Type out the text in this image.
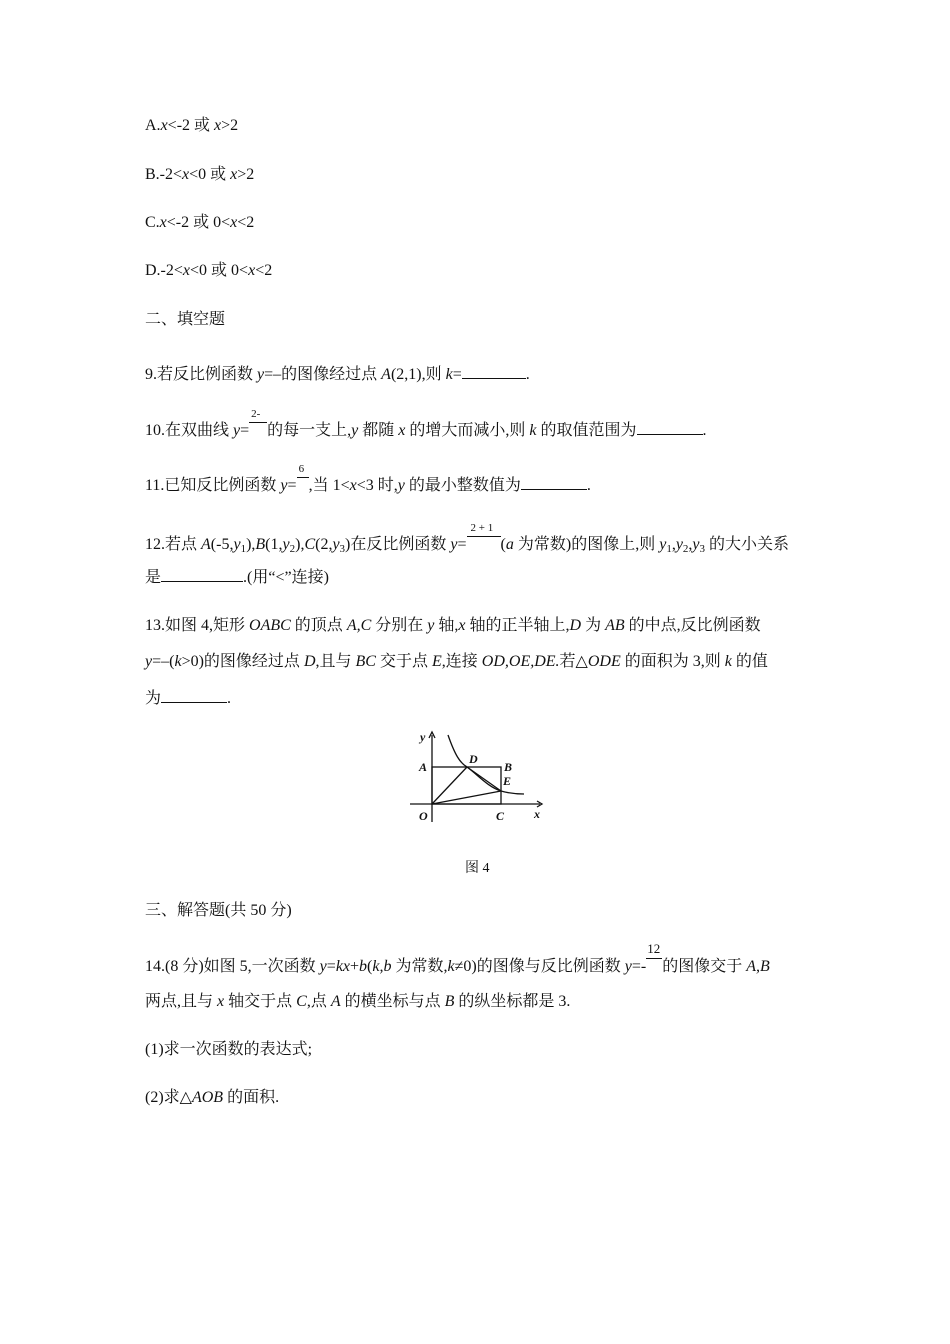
A.x<-2 或 x>2
B.-2<x<0 或 x>2
C.x<-2 或 0<x<2
D.-2<x<0 或 0<x<2
二、填空题
9.若反比例函数 y=–的图像经过点 A(2,1),则 k=	.
10.在双曲线 y=
2-
的每一支上,y 都随 x 的增大而减小,则 k 的取值范围为	.
11.已知反比例函数 y=
6
,当 1<x<3 时,y 的最小整数值为	.
12.若点 $A(-5,y_1),B(1,y_2),C(2,y_3)$在反比例函数 y=
2 + 1
(a 为常数)的图像上,则 $y_1,y_2,y_3$ 的大小关系
是	.(用“<”连接)
13.如图 4,矩形 OABC 的顶点 A,C 分别在 y 轴,x 轴的正半轴上,D 为 AB 的中点,反比例函数
y=–(k>0)的图像经过点 D,且与 BC 交于点 E,连接 OD,OE,DE.若△ODE 的面积为 3,则 k 的值
为	.
y
A
D
B
E
O	C x
图 4
三、解答题(共 50 分)
14.(8 分)如图 5,一次函数 y=kx+b(k,b 为常数,k≠0)的图像与反比例函数 y=-
12
的图像交于 A,B
两点,且与 x 轴交于点 C,点 A 的横坐标与点 B 的纵坐标都是 3.
(1)求一次函数的表达式;
(2)求△AOB 的面积.
